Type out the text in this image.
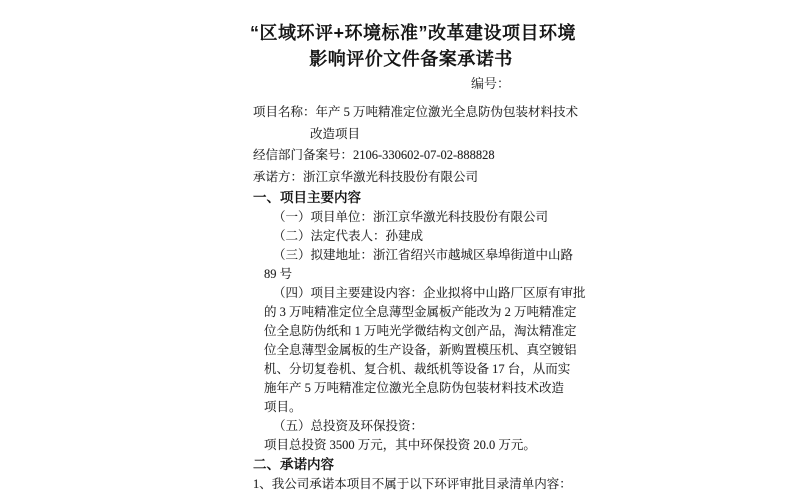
“区域环评+环境标准”改革建设项目环境
影响评价文件备案承诺书
编号：
项目名称：年产 5 万吨精准定位激光全息防伪包装材料技术
改造项目
经信部门备案号：2106-330602-07-02-888828
承诺方：浙江京华激光科技股份有限公司
一、项目主要内容
（一）项目单位：浙江京华激光科技股份有限公司
（二）法定代表人：孙建成
（三）拟建地址：浙江省绍兴市越城区皋埠街道中山路
89 号
（四）项目主要建设内容：企业拟将中山路厂区原有审批
的 3 万吨精准定位全息薄型金属板产能改为 2 万吨精准定
位全息防伪纸和 1 万吨光学微结构文创产品，淘汰精准定
位全息薄型金属板的生产设备，新购置模压机、真空镀铝
机、分切复卷机、复合机、裁纸机等设备 17 台，从而实
施年产 5 万吨精准定位激光全息防伪包装材料技术改造
项目。
（五）总投资及环保投资：
项目总投资 3500 万元，其中环保投资 20.0 万元。
二、承诺内容
1、我公司承诺本项目不属于以下环评审批目录清单内容：
